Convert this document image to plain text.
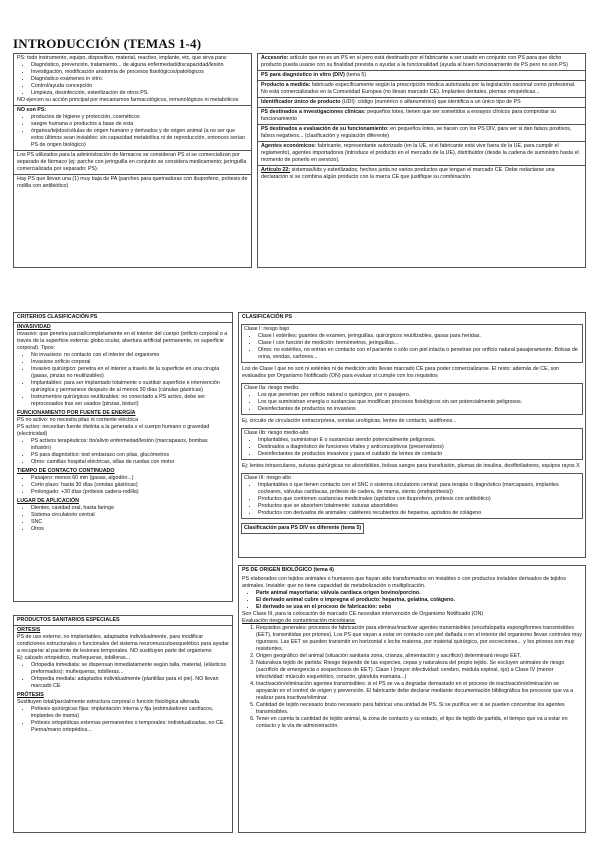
INTRODUCCIÓN (TEMAS 1-4)

PS: todo instrumento, equipo, dispositivo, material, reactivo, implante, etc, que sirva para:

• Diagnóstico, prevención, tratamiento... de alguna enfermedad/discapacidad/lesión
• Investigación, modificación anatomía de procesos fisiológicos/patológicos
• Diagnóstico exámenes in vitro.
• Control/ayuda concepción
• Limpieza, desinfección, esterilización de otros PS.

NO ejercen su acción principal por mecanismos farmacológicos, inmunológicos ni metabólicos

NO son PS:

• productos de higiene y protección, cosméticos
• sangre humana o productos a base de esta
• órganos/tejidos/células de origen humano y derivados y de origen animal (a no ser que estos últimos sean inviables: sin capacidad metabólica ni de reproducción, entonces serían PS de origen biológico)

Los PS utilizados para la administración de fármacos se consideran PS si se comercializan por separado de fármaco (ej: parche con jeringuilla en conjunto se considera medicamento; jeringuilla comercializada por separado: PS).

Hay PS que llevan una (1) muy baja de PA (parches para quemaduras con ibuprofeno, prótesis de rodilla con antibiótico)

Accesorio: artículo que no es un PS en sí pero está destinado por el fabricante a ser usado en conjunto con PS para que dicho producto pueda usarse con su finalidad prevista o ayudar a la funcionalidad (ayuda al buen funcionamiento de PS pero no son PS)
PS para diagnóstico in vitro (DIV) (tema 5)
Producto a medida: fabricado específicamente según la prescripción médica autorizada por la legislación nacional como profesional. No está comercializados en la Comunidad Europea (no llevan marcado CE). Implantes dentales, plemas ortopédicas...
Identificador único de producto (UDI): código (numérico o alfanumérico) que identifica a un único tipo de PS
PS destinados a investigaciones clínicas: pequeños lotes, tienen que ser sometidos a ensayos clínicos para comprobar su funcionamiento
PS destinados a evaluación de su funcionamiento: en pequeños lotes, se hacen con los PS DIV, para ver si dan falsos positivos, falsos negativos... (clasificación y regulación diferente)
Agentes económicos: fabricante, representante autorizado (en la UE, si el fabricante está vive fuera de la UE, para cumplir el reglamento), agentes importadores (introduce el producto en el mercado de la UE), distribuidor (desde la cadena de suministro hasta el momento de ponerlo en servicio).
Artículo 22: sistemas/kits y esterilizados, hechos junta no varios productos que tengan el marcado CE. Debe redactarse una declaración si se combina algún producto con la marca CE que justifique su combinación.
CRITERIOS CLASIFICACIÓN PS

INVASIVIDAD

Invasivo: que penetra parcial/completamente en el interior del cuerpo (orificio corporal o a través de la superficie externa: globo ocular, abertura artificial permanente, ox superficie corporal). Tipos:

• No invasivos: no contacto con el interior del organismo
• Invasivos orificio corporal
• Invasivo quirúrgico: penetra en el interior a través de la superficie en una cirugía (gasas, pinzas no reutilizables)
• Implantables: para ser implantado totalmente o sustituir superficie e intervención quirúrgica y permanece después de al menos 30 días (cánulas gástricas)
• Instrumentos quirúrgicos reutilizables: no conectado a PS activo, debe ser reprocesados tras ser usados (pinzas, bisturí)

FUNCIONAMIENTO POR FUENTE DE ENERGÍA

PS no activo: no necesita pilas ni corriente eléctrica

PS activo: necesitan fuente distinta a la generada x el cuerpo humano o gravedad (electricidad)

• PS activos terapéuticos: tto/alivio enfermedad/lesión (marcapasos, bombas infusión)
• PS para diagnóstico: test embarazo con pilas, glucómetros
• Otros: camillas hospital eléctricas, sillas de ruedas con motor

TIEMPO DE CONTACTO CONTINUADO

• Pasajero: menos 60 min (gasas, algodón...)
• Corto plazo: hasta 30 días (sondas gástricas)
• Prolongado: +30 días (prótesis cadera-rodilla)

LUGAR DE APLICACIÓN

• Dientes, cavidad oral, hasta faringe
• Sistema circulatorio central
• SNC
• Otros
PRODUCTOS SANITARIOS ESPECIALES

ORTESIS

PS de uso externo, no implantables, adaptados individualmente, para modificar condiciones estructurales o funcionales del sistema neuromusculoesquelético para ayudar a recuperar al paciente de lesiones temporales. NO sustituyen parte del organismo

Ej: calzado ortopédico, muñequeras, tobilleras...

• Ortopedia inmediata: se dispensan inmediatamente según talla, material, (elásticos preformados): muñequeras, tobilleras...
• Ortopedia mediata: adaptados individualmente (plantillas para el pie). NO llevan marcado CE

PRÓTESIS

Sustituyen total/parcialmente estructura corporal o función fisiológica alterada.

• Prótesis quirúrgicas fijas: implantación interna y fija (estimuladores cardíacos, implantes de mama)
• Prótesis ortopédicas externas permanentes o temporales: individualizadas, no CE. Pierna/mano ortopédica...
CLASIFICACIÓN PS

Clase I: riesgo bajo

• Clase I estériles: guantes de examen, jeringuillas, quirúrgicos reutilizables, gasas para heridas.
• Clase I con función de medición: termómetros, jeringuillas...
• Otros: no estériles, no entran en contacto con el paciente o sólo con piel intacta o penetran por orificio natural pasajeramente. Bolsas de orina, vendas, cartones...

Los de Clase I que no son ni estériles ni de medición sólo llevan marcado CE para poder comercializarse. El resto: además de CE, son evaluados por Organismo Notificado (ON) para evaluar si cumple con los requisitos

Clase IIa: riesgo medio.

• Los que penetran por orificio natural o quirúrgico, por o pasajero.
• Los que suministran energía o sustancias que modifican procesos fisiológicos sin ser potencialmente peligrosos.
• Desinfectantes de productos no invasivos

Ej. circuito de circulación extracorpórea, sondas urológicas, lentes de contacto, audífonos...

Clase IIb: riesgo medio-alto

• Implantables, suministran E o sustancias siendo potencialmente peligrosos.
• Destinados a diagnóstico de funciones vitales y anticonceptivos (preservativos)
• Desinfectantes de productos invasivos y para el cuidado de lentes de contacto

Ej: lentes intraoculares, suturas quirúrgicas no absorbibles, bolsas sangre para transfusión, plumas de insulina, desfibriladores, equipos rayos X

Clase III: riesgo alto

• Implantables o que tienen contacto con el SNC o sistema circulatorio central; para terapia o diagnóstico (marcapasos, implantes cocleares, válvulas cardíacas, prótesis de cadera, de mama, stents (endoprótesis))
• Productos que contienen sustancias medicinales (apósitos con ibuprofeno, prótesis con antibiótico)
• Productos que se absorben totalmente: suturas absorbibles
• Productos con derivados de animales: catéteres recubiertos de heparina, apósitos de colágeno
Clasificación para PS DIV es diferente (tema 5)
PS DE ORIGEN BIOLÓGICO (tema 4)

PS elaborados con tejidos animales o humanos que hayan sido transformados en inviables o con productos inviables derivados de tejidos animales. Inviable: que no tiene capacidad de metabolización o multiplicación.

• Parte animal mayoritaria: válvula cardíaca origen bovino/porcino.
• El derivado animal cubre o impregna el producto: heparina, gelatina, colágeno.
• El derivado se usa en el proceso de fabricación: sebo

Son Clase III, para la colocación de marcado CE necesitan intervención de Organismo Notificado (ON)

Evaluación riesgo de contaminación microbiana:

1. Requisitos generales: procesos de fabricación para eliminar/inactivar agentes transmisibles (encefalopatía espongiformes transmisibles (EET), transmitidas por priones). Los PS que vayan a estar en contacto con piel dañada o en el interior del organismo llevan controles muy rigurosos. Las EET se pueden transmitir en horizontal x leche materna, por material quirúrgico, por excreciones... y los priones son muy resistentes.
2. Origen geográfico del animal (situación sanitaria zona, crianza, alimentación y sacrificio) determinará riesgo EET.
3. Naturaleza tejido de partida: Riesgo depende de las especies, cepas y naturaleza del propio tejido. Se excluyen animales de riesgo (sacrificio de emergencia o sospechosos de EET). Clase I (mayor infectividad: cerebro, médula espinal, ojo) a Clase IV (menor infectividad: músculo esquelético, corazón, glándula mamaria...)
4. Inactivación/eliminación agentes transmisibles: si el PS se va a degradar demasiado en el proceso de inactivación/eliminación se apoyarán en el control de origen y prevención. El fabricante debe declarar mediante documentación bibliográfica los procesos que va a realizar para inactivar/eliminar.
5. Cantidad de tejido necesario bruto necesario para fabricar una unidad de PS. Si se purifica ver si se pueden concentrar los agentes transmisibles.
6. Tener en cuenta la cantidad de tejido animal, la zona de contacto y su estado, el tipo de tejido de partida, el tiempo que va a estar en contacto y la vía de administración.
